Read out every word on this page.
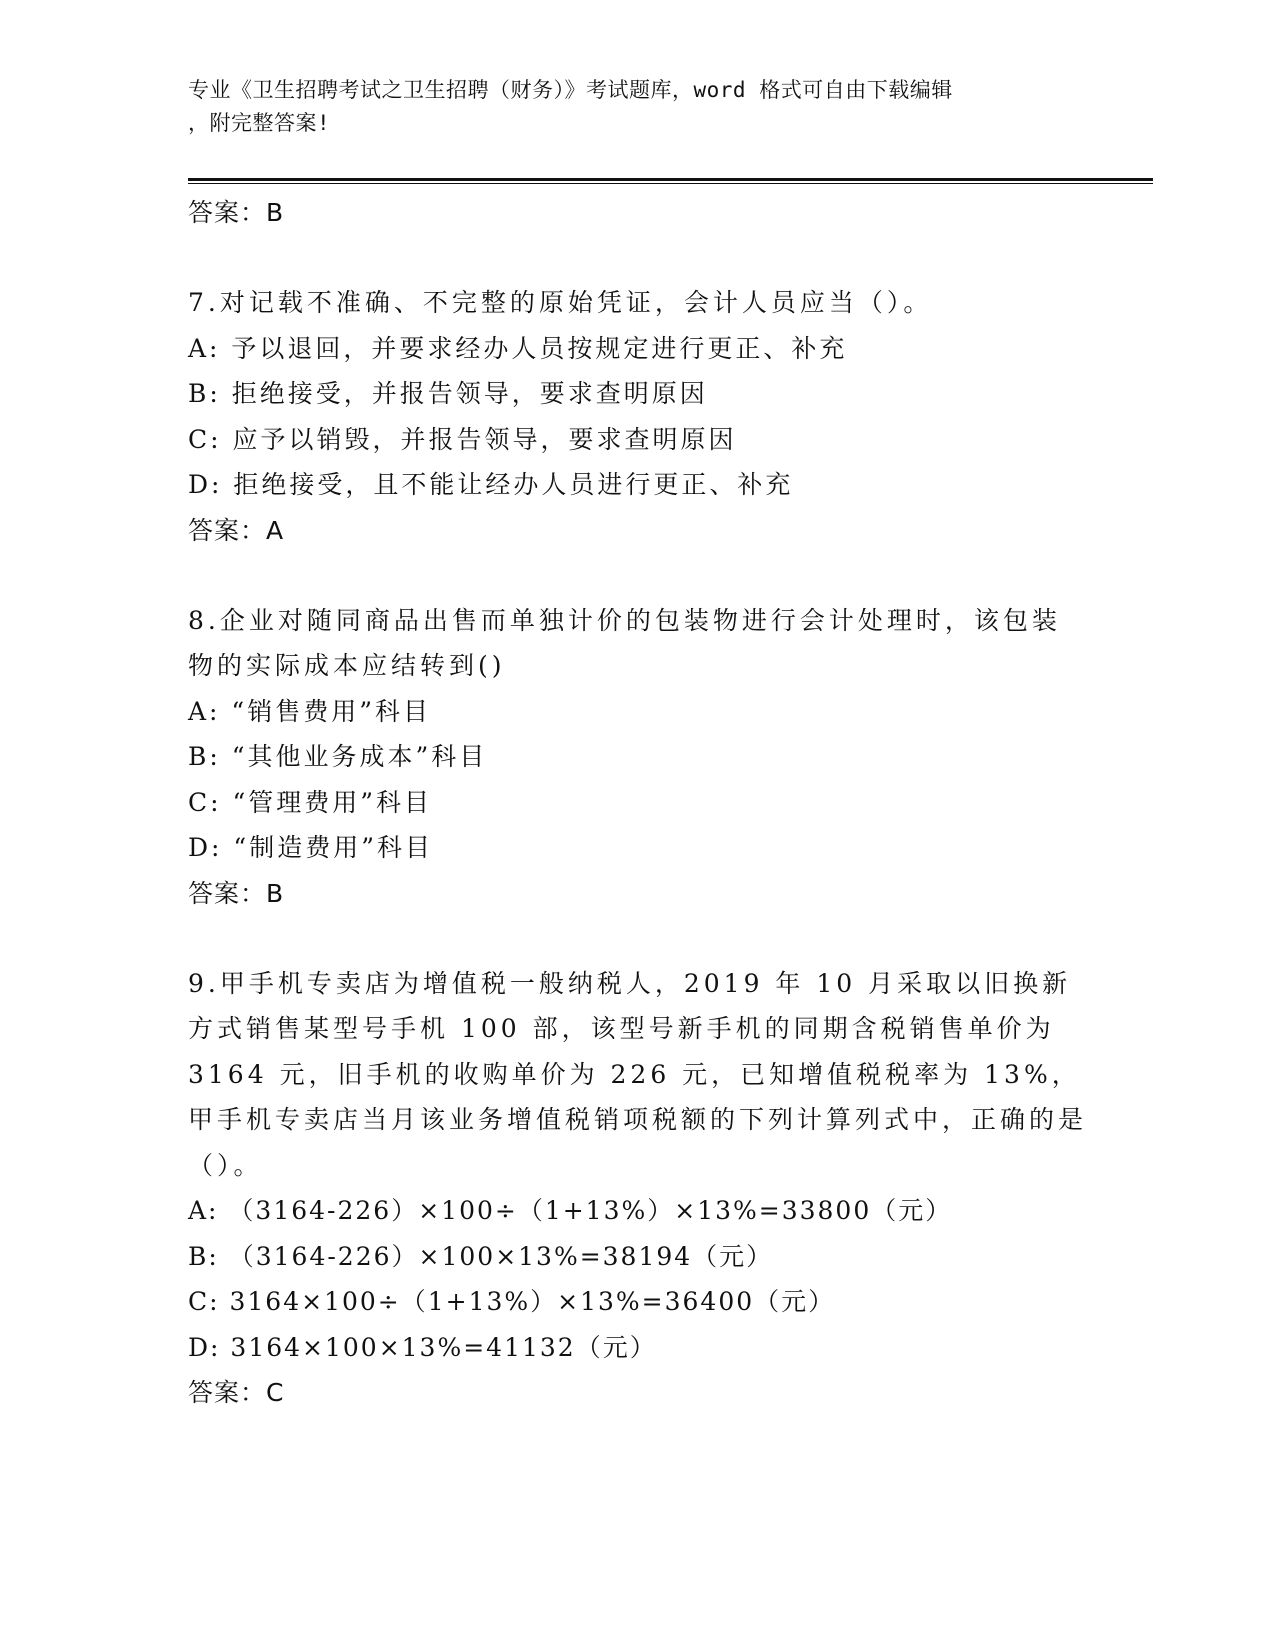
专业《卫生招聘考试之卫生招聘（财务）》考试题库，word 格式可自由下载编辑
，附完整答案!
答案：B
7.对记载不准确、不完整的原始凭证，会计人员应当（）。
A: 予以退回，并要求经办人员按规定进行更正、补充
B: 拒绝接受，并报告领导，要求查明原因
C: 应予以销毁，并报告领导，要求查明原因
D: 拒绝接受，且不能让经办人员进行更正、补充
答案：A
8.企业对随同商品出售而单独计价的包装物进行会计处理时，该包装物的实际成本应结转到()
A: “销售费用”科目
B: “其他业务成本”科目
C: “管理费用”科目
D: “制造费用”科目
答案：B
9.甲手机专卖店为增值税一般纳税人，2019 年 10 月采取以旧换新方式销售某型号手机 100 部，该型号新手机的同期含税销售单价为 3164 元，旧手机的收购单价为 226 元，已知增值税税率为 13%，甲手机专卖店当月该业务增值税销项税额的下列计算列式中，正确的是（）。
A: （3164-226）×100÷（1+13%）×13%=33800（元）
B: （3164-226）×100×13%=38194（元）
C: 3164×100÷（1+13%）×13%=36400（元）
D: 3164×100×13%=41132（元）
答案：C
